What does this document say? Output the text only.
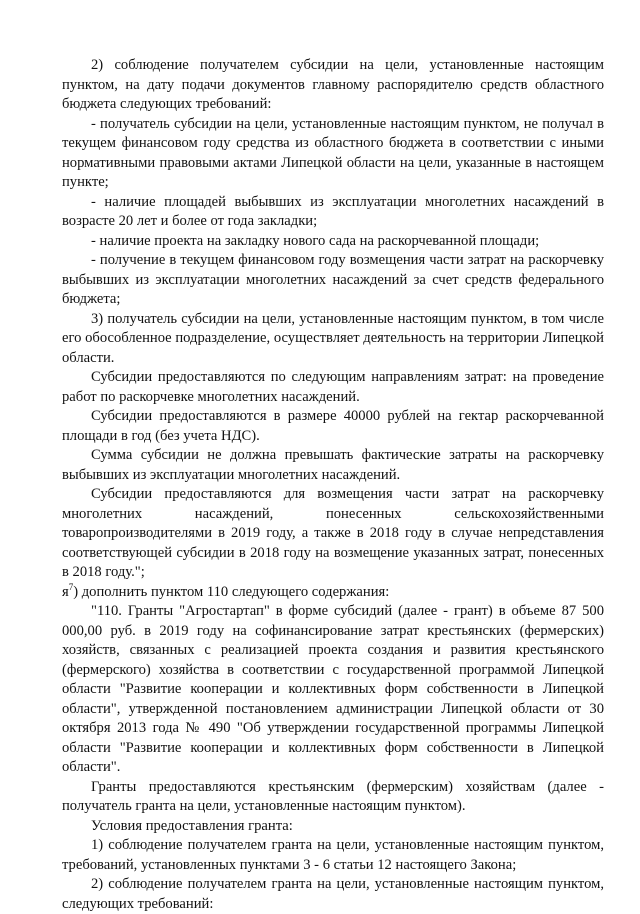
2) соблюдение получателем субсидии на цели, установленные настоящим пунктом, на дату подачи документов главному распорядителю средств областного бюджета следующих требований:

- получатель субсидии на цели, установленные настоящим пунктом, не получал в текущем финансовом году средства из областного бюджета в соответствии с иными нормативными правовыми актами Липецкой области на цели, указанные в настоящем пункте;

- наличие площадей выбывших из эксплуатации многолетних насаждений в возрасте 20 лет и более от года закладки;

- наличие проекта на закладку нового сада на раскорчеванной площади;

- получение в текущем финансовом году возмещения части затрат на раскорчевку выбывших из эксплуатации многолетних насаждений за счет средств федерального бюджета;

3) получатель субсидии на цели, установленные настоящим пунктом, в том числе его обособленное подразделение, осуществляет деятельность на территории Липецкой области.

Субсидии предоставляются по следующим направлениям затрат: на проведение работ по раскорчевке многолетних насаждений.

Субсидии предоставляются в размере 40000 рублей на гектар раскорчеванной площади в год (без учета НДС).

Сумма субсидии не должна превышать фактические затраты на раскорчевку выбывших из эксплуатации многолетних насаждений.

Субсидии предоставляются для возмещения части затрат на раскорчевку многолетних насаждений, понесенных сельскохозяйственными товаропроизводителями в 2019 году, а также в 2018 году в случае непредставления соответствующей субсидии в 2018 году на возмещение указанных затрат, понесенных в 2018 году.";

$я^7$) дополнить пунктом 110 следующего содержания:

"110. Гранты "Агростартап" в форме субсидий (далее - грант) в объеме 87 500 000,00 руб. в 2019 году на софинансирование затрат крестьянских (фермерских) хозяйств, связанных с реализацией проекта создания и развития крестьянского (фермерского) хозяйства в соответствии с государственной программой Липецкой области "Развитие кооперации и коллективных форм собственности в Липецкой области", утвержденной постановлением администрации Липецкой области от 30 октября 2013 года № 490 "Об утверждении государственной программы Липецкой области "Развитие кооперации и коллективных форм собственности в Липецкой области".

Гранты предоставляются крестьянским (фермерским) хозяйствам (далее - получатель гранта на цели, установленные настоящим пунктом).

Условия предоставления гранта:

1) соблюдение получателем гранта на цели, установленные настоящим пунктом, требований, установленных пунктами 3 - 6 статьи 12 настоящего Закона;

2) соблюдение получателем гранта на цели, установленные настоящим пунктом, следующих требований:
